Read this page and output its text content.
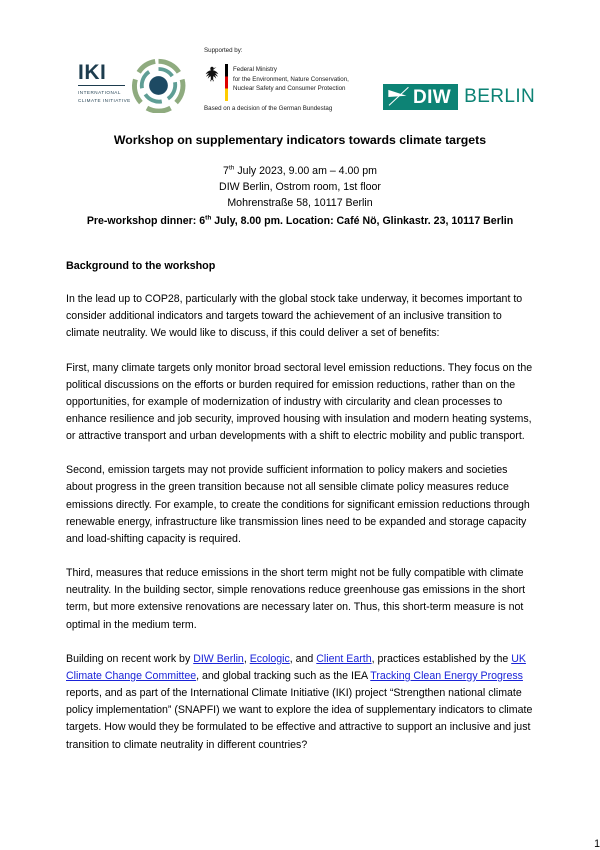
IKI
INTERNATIONAL
CLIMATE INITIATIVE
Supported by:
Federal Ministry
for the Environment, Nature Conservation,
Nuclear Safety and Consumer Protection
Based on a decision of the German Bundestag
DIW BERLIN
Workshop on supplementary indicators towards climate targets

7th July 2023, 9.00 am – 4.00 pm

DIW Berlin, Ostrom room, 1st floor

Mohrenstraße 58, 10117 Berlin

Pre-workshop dinner: 6th July, 8.00 pm. Location: Café Nö, Glinkastr. 23, 10117 Berlin

Background to the workshop

In the lead up to COP28, particularly with the global stock take underway, it becomes important to consider additional indicators and targets toward the achievement of an inclusive transition to climate neutrality. We would like to discuss, if this could deliver a set of benefits:

First, many climate targets only monitor broad sectoral level emission reductions. They focus on the political discussions on the efforts or burden required for emission reductions, rather than on the opportunities, for example of modernization of industry with circularity and clean processes to enhance resilience and job security, improved housing with insulation and modern heating systems, or attractive transport and urban developments with a shift to electric mobility and public transport.

Second, emission targets may not provide sufficient information to policy makers and societies about progress in the green transition because not all sensible climate policy measures reduce emissions directly. For example, to create the conditions for significant emission reductions through renewable energy, infrastructure like transmission lines need to be expanded and storage capacity and load-shifting capacity is required.

Third, measures that reduce emissions in the short term might not be fully compatible with climate neutrality. In the building sector, simple renovations reduce greenhouse gas emissions in the short term, but more extensive renovations are necessary later on. Thus, this short-term measure is not optimal in the medium term.

Building on recent work by DIW Berlin, Ecologic, and Client Earth, practices established by the UK Climate Change Committee, and global tracking such as the IEA Tracking Clean Energy Progress reports, and as part of the International Climate Initiative (IKI) project “Strengthen national climate policy implementation” (SNAPFI) we want to explore the idea of supplementary indicators to climate targets. How would they be formulated to be effective and attractive to support an inclusive and just transition to climate neutrality in different countries?

1
